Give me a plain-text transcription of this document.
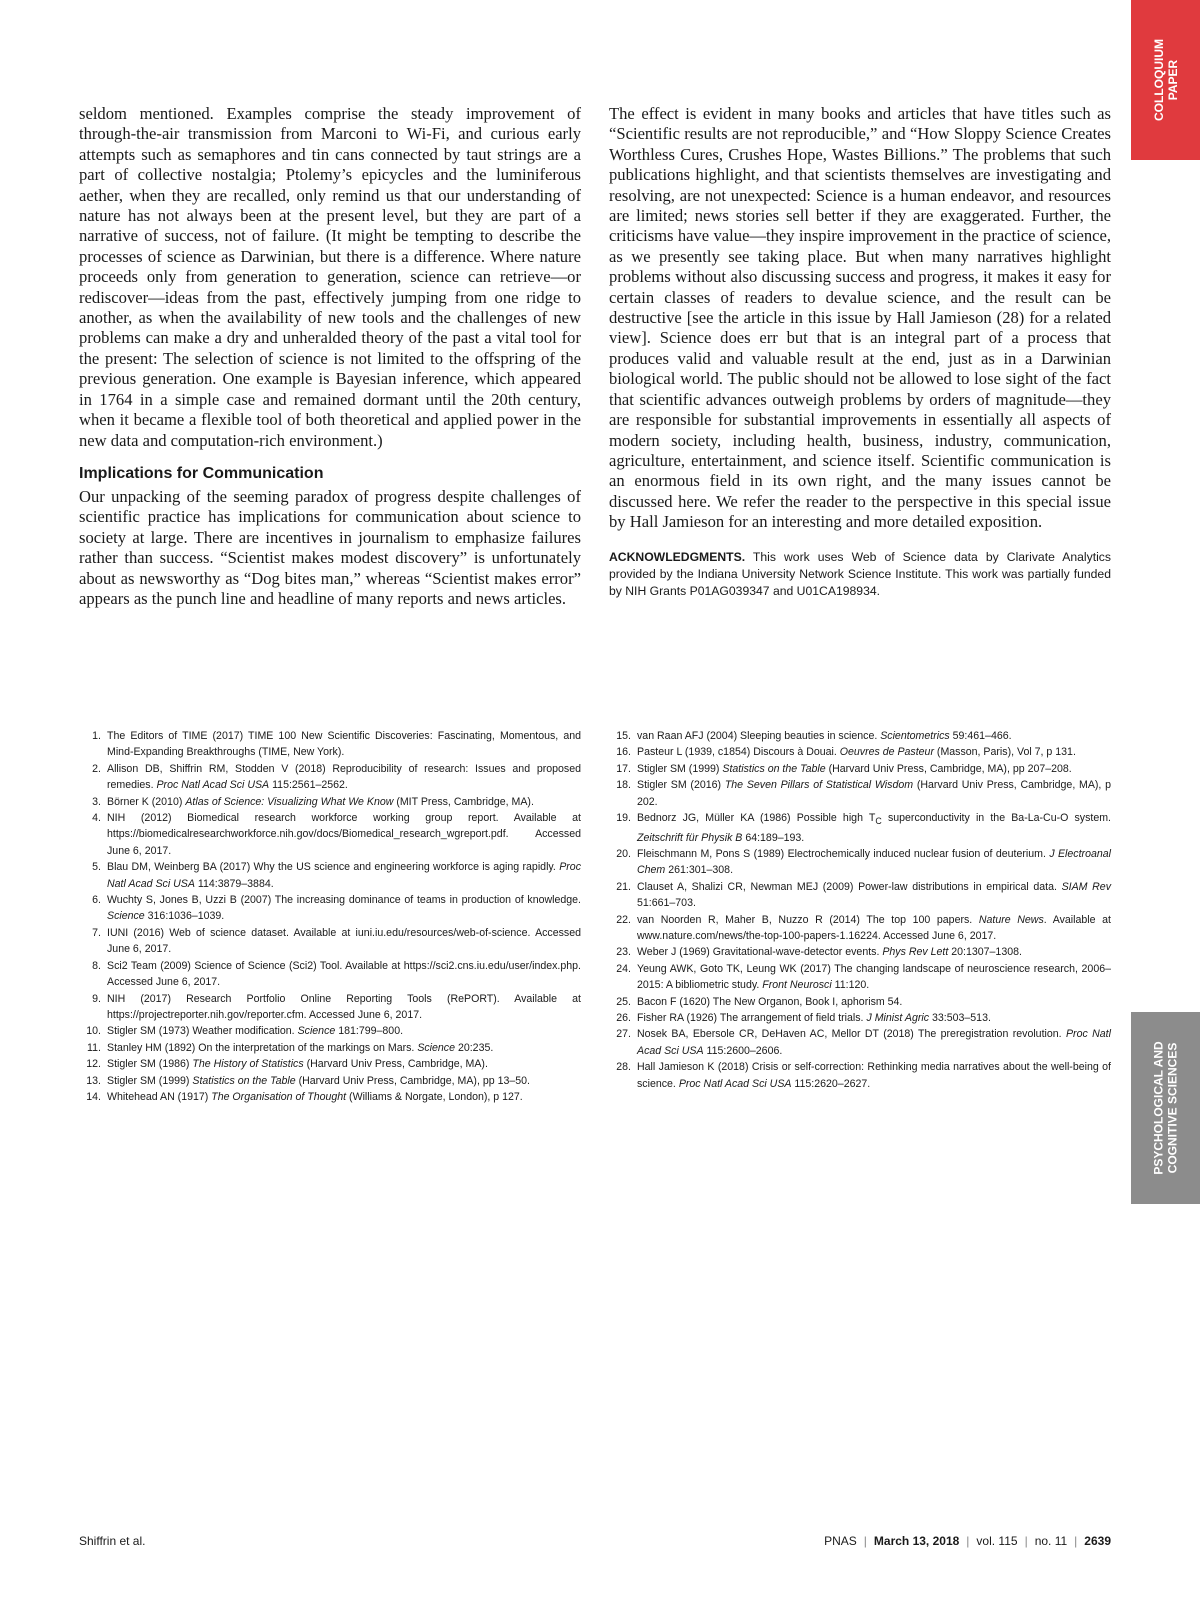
COLLOQUIUM PAPER
PSYCHOLOGICAL AND COGNITIVE SCIENCES

seldom mentioned. Examples comprise the steady improvement of through-the-air transmission from Marconi to Wi-Fi, and curious early attempts such as semaphores and tin cans connected by taut strings are a part of collective nostalgia; Ptolemy’s epicycles and the luminiferous aether, when they are recalled, only remind us that our understanding of nature has not always been at the present level, but they are part of a narrative of success, not of failure. (It might be tempting to describe the processes of science as Darwinian, but there is a difference. Where nature proceeds only from generation to generation, science can retrieve—or rediscover—ideas from the past, effectively jumping from one ridge to another, as when the availability of new tools and the challenges of new problems can make a dry and unheralded theory of the past a vital tool for the present: The selection of science is not limited to the offspring of the previous generation. One example is Bayesian inference, which appeared in 1764 in a simple case and remained dormant until the 20th century, when it became a flexible tool of both theoretical and applied power in the new data and computation-rich environment.)

Implications for Communication

Our unpacking of the seeming paradox of progress despite challenges of scientific practice has implications for communication about science to society at large. There are incentives in journalism to emphasize failures rather than success. “Scientist makes modest discovery” is unfortunately about as newsworthy as “Dog bites man,” whereas “Scientist makes error” appears as the punch line and headline of many reports and news articles.

The effect is evident in many books and articles that have titles such as “Scientific results are not reproducible,” and “How Sloppy Science Creates Worthless Cures, Crushes Hope, Wastes Billions.” The problems that such publications highlight, and that scientists themselves are investigating and resolving, are not unexpected: Science is a human endeavor, and resources are limited; news stories sell better if they are exaggerated. Further, the criticisms have value—they inspire improvement in the practice of science, as we presently see taking place. But when many narratives highlight problems without also discussing success and progress, it makes it easy for certain classes of readers to devalue science, and the result can be destructive [see the article in this issue by Hall Jamieson (28) for a related view]. Science does err but that is an integral part of a process that produces valid and valuable result at the end, just as in a Darwinian biological world. The public should not be allowed to lose sight of the fact that scientific advances outweigh problems by orders of magnitude—they are responsible for substantial improvements in essentially all aspects of modern society, including health, business, industry, communication, agriculture, entertainment, and science itself. Scientific communication is an enormous field in its own right, and the many issues cannot be discussed here. We refer the reader to the perspective in this special issue by Hall Jamieson for an interesting and more detailed exposition.

ACKNOWLEDGMENTS. This work uses Web of Science data by Clarivate Analytics provided by the Indiana University Network Science Institute. This work was partially funded by NIH Grants P01AG039347 and U01CA198934.

1. The Editors of TIME (2017) TIME 100 New Scientific Discoveries: Fascinating, Momentous, and Mind-Expanding Breakthroughs (TIME, New York).
2. Allison DB, Shiffrin RM, Stodden V (2018) Reproducibility of research: Issues and proposed remedies. Proc Natl Acad Sci USA 115:2561–2562.
3. Börner K (2010) Atlas of Science: Visualizing What We Know (MIT Press, Cambridge, MA).
4. NIH (2012) Biomedical research workforce working group report. Available at https://biomedicalresearchworkforce.nih.gov/docs/Biomedical_research_wgreport.pdf. Accessed June 6, 2017.
5. Blau DM, Weinberg BA (2017) Why the US science and engineering workforce is aging rapidly. Proc Natl Acad Sci USA 114:3879–3884.
6. Wuchty S, Jones B, Uzzi B (2007) The increasing dominance of teams in production of knowledge. Science 316:1036–1039.
7. IUNI (2016) Web of science dataset. Available at iuni.iu.edu/resources/web-of-science. Accessed June 6, 2017.
8. Sci2 Team (2009) Science of Science (Sci2) Tool. Available at https://sci2.cns.iu.edu/user/index.php. Accessed June 6, 2017.
9. NIH (2017) Research Portfolio Online Reporting Tools (RePORT). Available at https://projectreporter.nih.gov/reporter.cfm. Accessed June 6, 2017.
10. Stigler SM (1973) Weather modification. Science 181:799–800.
11. Stanley HM (1892) On the interpretation of the markings on Mars. Science 20:235.
12. Stigler SM (1986) The History of Statistics (Harvard Univ Press, Cambridge, MA).
13. Stigler SM (1999) Statistics on the Table (Harvard Univ Press, Cambridge, MA), pp 13–50.
14. Whitehead AN (1917) The Organisation of Thought (Williams & Norgate, London), p 127.
15. van Raan AFJ (2004) Sleeping beauties in science. Scientometrics 59:461–466.
16. Pasteur L (1939, c1854) Discours à Douai. Oeuvres de Pasteur (Masson, Paris), Vol 7, p 131.
17. Stigler SM (1999) Statistics on the Table (Harvard Univ Press, Cambridge, MA), pp 207–208.
18. Stigler SM (2016) The Seven Pillars of Statistical Wisdom (Harvard Univ Press, Cambridge, MA), p 202.
19. Bednorz JG, Müller KA (1986) Possible high $T_C$ superconductivity in the Ba-La-Cu-O system. Zeitschrift für Physik B 64:189–193.
20. Fleischmann M, Pons S (1989) Electrochemically induced nuclear fusion of deuterium. J Electroanal Chem 261:301–308.
21. Clauset A, Shalizi CR, Newman MEJ (2009) Power-law distributions in empirical data. SIAM Rev 51:661–703.
22. van Noorden R, Maher B, Nuzzo R (2014) The top 100 papers. Nature News. Available at www.nature.com/news/the-top-100-papers-1.16224. Accessed June 6, 2017.
23. Weber J (1969) Gravitational-wave-detector events. Phys Rev Lett 20:1307–1308.
24. Yeung AWK, Goto TK, Leung WK (2017) The changing landscape of neuroscience research, 2006–2015: A bibliometric study. Front Neurosci 11:120.
25. Bacon F (1620) The New Organon, Book I, aphorism 54.
26. Fisher RA (1926) The arrangement of field trials. J Minist Agric 33:503–513.
27. Nosek BA, Ebersole CR, DeHaven AC, Mellor DT (2018) The preregistration revolution. Proc Natl Acad Sci USA 115:2600–2606.
28. Hall Jamieson K (2018) Crisis or self-correction: Rethinking media narratives about the well-being of science. Proc Natl Acad Sci USA 115:2620–2627.
Shiffrin et al.	PNAS | March 13, 2018 | vol. 115 | no. 11 | 2639
